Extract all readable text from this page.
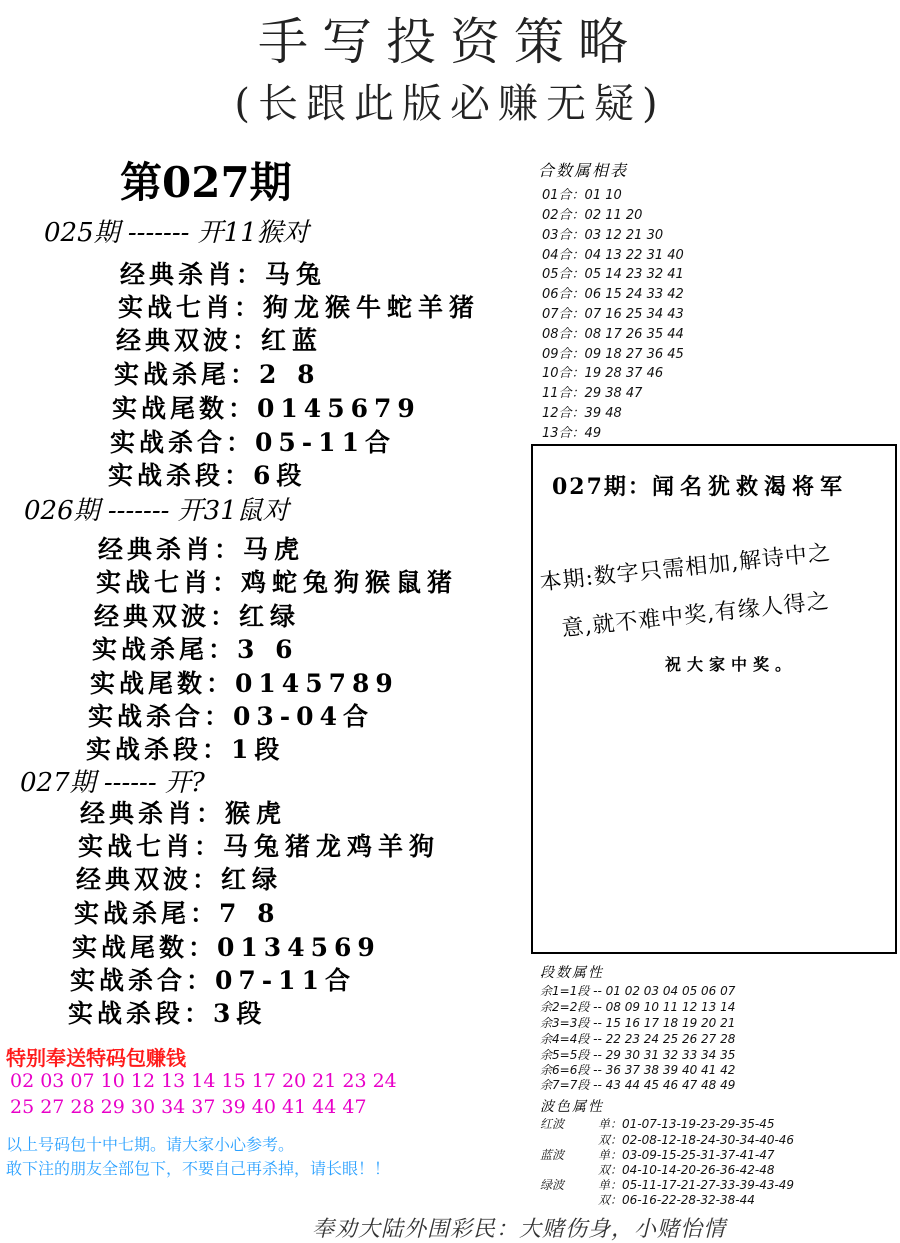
手写投资策略
(长跟此版必赚无疑)
第027期
025期 ------- 开11猴对
经典杀肖：马兔
实战七肖：狗龙猴牛蛇羊猪
经典双波：红蓝
实战杀尾：2 8
实战尾数：0145679
实战杀合：05-11合
实战杀段：6段
026期 ------- 开31鼠对
经典杀肖：马虎
实战七肖：鸡蛇兔狗猴鼠猪
经典双波：红绿
实战杀尾：3 6
实战尾数：0145789
实战杀合：03-04合
实战杀段：1段
027期 ------ 开?
经典杀肖：猴虎
实战七肖：马兔猪龙鸡羊狗
经典双波：红绿
实战杀尾：7 8
实战尾数：0134569
实战杀合：07-11合
实战杀段：3段
合数属相表
01合：01 10
02合：02 11 20
03合：03 12 21 30
04合：04 13 22 31 40
05合：05 14 23 32 41
06合：06 15 24 33 42
07合：07 16 25 34 43
08合：08 17 26 35 44
09合：09 18 27 36 45
10合：19 28 37 46
11合：29 38 47
12合：39 48
13合：49
027期：闻名犹救渴将军
本期:数字只需相加,解诗中之
意,就不难中奖,有缘人得之
祝大家中奖。
段数属性
余1=1段 -- 01 02 03 04 05 06 07
余2=2段 -- 08 09 10 11 12 13 14
余3=3段 -- 15 16 17 18 19 20 21
余4=4段 -- 22 23 24 25 26 27 28
余5=5段 -- 29 30 31 32 33 34 35
余6=6段 -- 36 37 38 39 40 41 42
余7=7段 -- 43 44 45 46 47 48 49
波色属性
红波	单：01-07-13-19-23-29-35-45
双：02-08-12-18-24-30-34-40-46
蓝波	单：03-09-15-25-31-37-41-47
双：04-10-14-20-26-36-42-48
绿波	单：05-11-17-21-27-33-39-43-49
双：06-16-22-28-32-38-44
特别奉送特码包赚钱
02 03 07 10 12 13 14 15 17 20 21 23 24
25 27 28 29 30 34 37 39 40 41 44 47
以上号码包十中七期。请大家小心参考。
敢下注的朋友全部包下，不要自己再杀掉，请长眼！！
奉劝大陆外围彩民：大赌伤身，小赌怡情
